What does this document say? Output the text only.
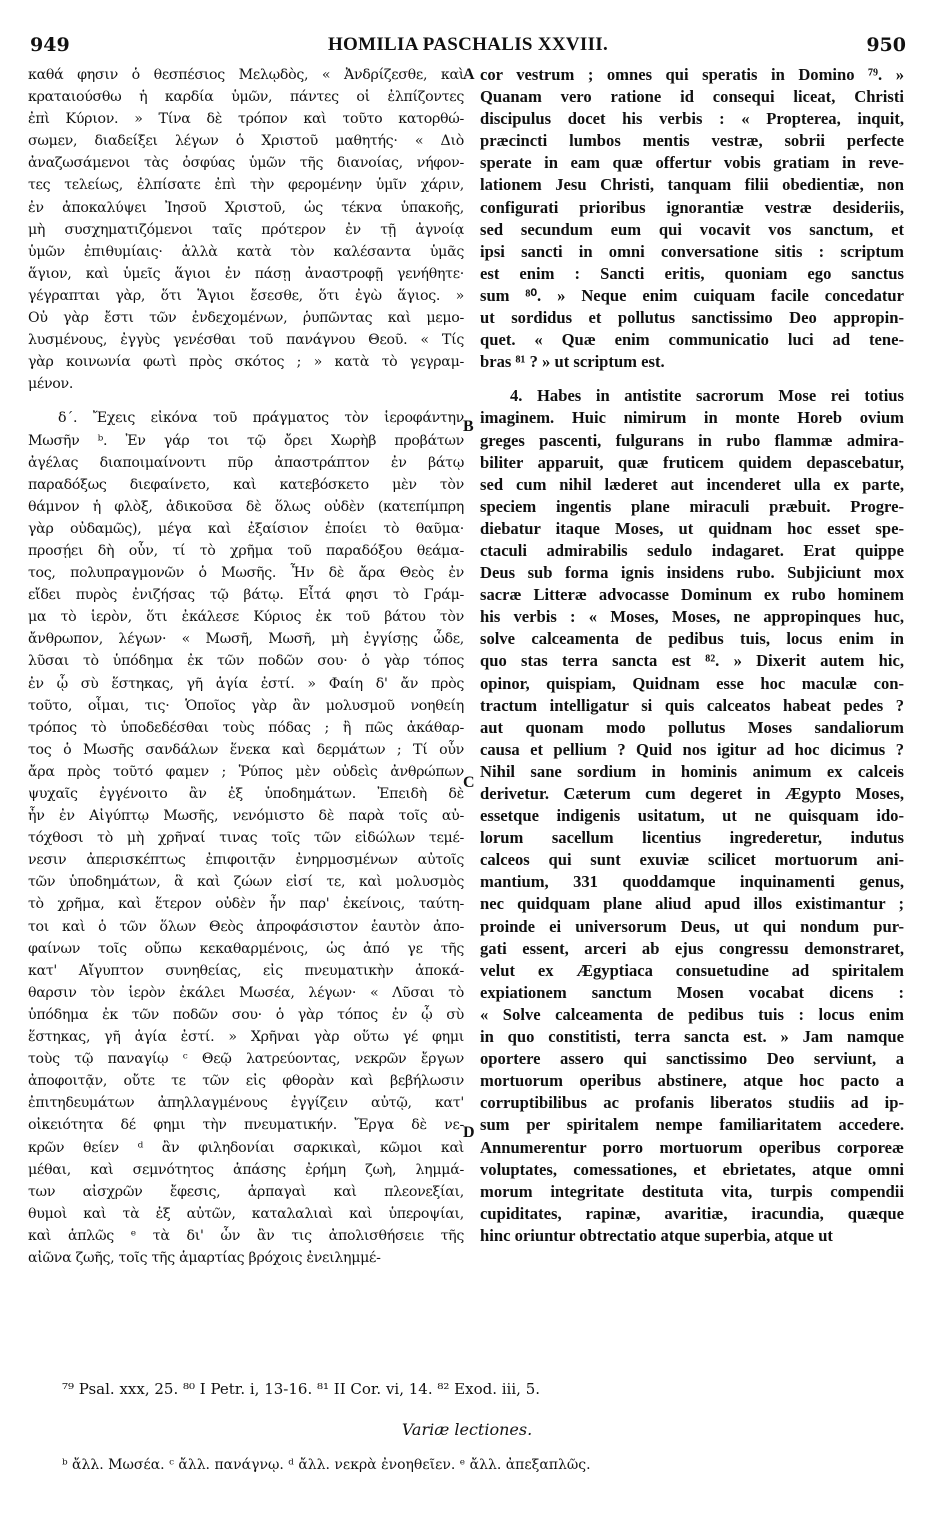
949	HOMILIA PASCHALIS XXVIII.	950
καθά φησιν ὁ θεσπέσιος Μελῳδὸς, « Ἀνδρίζεσθε, καὶ
κραταιούσθω ἡ καρδία ὑμῶν, πάντες οἱ ἐλπίζοντες
ἐπὶ Κύριον. » Τίνα δὲ τρόπον καὶ τοῦτο κατορθώ-
σωμεν, διαδείξει λέγων ὁ Χριστοῦ μαθητής· « Διὸ
ἀναζωσάμενοι τὰς ὀσφύας ὑμῶν τῆς διανοίας, νήφον-
τες τελείως, ἐλπίσατε ἐπὶ τὴν φερομένην ὑμῖν χάριν,
ἐν ἀποκαλύψει Ἰησοῦ Χριστοῦ, ὡς τέκνα ὑπακοῆς,
μὴ συσχηματιζόμενοι ταῖς πρότερον ἐν τῇ ἀγνοίᾳ
ὑμῶν ἐπιθυμίαις· ἀλλὰ κατὰ τὸν καλέσαντα ὑμᾶς
ἅγιον, καὶ ὑμεῖς ἅγιοι ἐν πάσῃ ἀναστροφῇ γενήθητε·
γέγραπται γὰρ, ὅτι Ἅγιοι ἔσεσθε, ὅτι ἐγὼ ἅγιος. »
Οὐ γὰρ ἔστι τῶν ἐνδεχομένων, ῥυπῶντας καὶ μεμο-
λυσμένους, ἐγγὺς γενέσθαι τοῦ πανάγνου Θεοῦ. « Τίς
γὰρ κοινωνία φωτὶ πρὸς σκότος ; » κατὰ τὸ γεγραμ-
μένον.
δ΄. Ἔχεις εἰκόνα τοῦ πράγματος τὸν ἱεροφάντην
Μωσῆν ᵇ. Ἐν γάρ τοι τῷ ὄρει Χωρὴβ προβάτων
ἀγέλας διαποιμαίνοντι πῦρ ἀπαστράπτον ἐν βάτῳ
παραδόξως διεφαίνετο, καὶ κατεβόσκετο μὲν τὸν
θάμνον ἡ φλὸξ, ἀδικοῦσα δὲ ὅλως οὐδὲν (κατεπίμπρη
γὰρ οὐδαμῶς), μέγα καὶ ἐξαίσιον ἐποίει τὸ θαῦμα·
προσῄει δὴ οὖν, τί τὸ χρῆμα τοῦ παραδόξου θεάμα-
τος, πολυπραγμονῶν ὁ Μωσῆς. Ἦν δὲ ἄρα Θεὸς ἐν
εἴδει πυρὸς ἐνιζήσας τῷ βάτῳ. Εἶτά φησι τὸ Γράμ-
μα τὸ ἱερὸν, ὅτι ἐκάλεσε Κύριος ἐκ τοῦ βάτου τὸν
ἄνθρωπον, λέγων· « Μωσῆ, Μωσῆ, μὴ ἐγγίσῃς ὧδε,
λῦσαι τὸ ὑπόδημα ἐκ τῶν ποδῶν σου· ὁ γὰρ τόπος
ἐν ᾧ σὺ ἕστηκας, γῆ ἁγία ἐστί. » Φαίη δ' ἄν πρὸς
τοῦτο, οἶμαι, τις· Ὁποῖος γὰρ ἂν μολυσμοῦ νοηθείη
τρόπος τὸ ὑποδεδέσθαι τοὺς πόδας ; ἢ πῶς ἀκάθαρ-
τος ὁ Μωσῆς σανδάλων ἕνεκα καὶ δερμάτων ; Τί οὖν
ἄρα πρὸς τοῦτό φαμεν ; Ῥύπος μὲν οὐδεὶς ἀνθρώπων
ψυχαῖς ἐγγένοιτο ἂν ἐξ ὑποδημάτων. Ἐπειδὴ δὲ
ἦν ἐν Αἰγύπτῳ Μωσῆς, νενόμιστο δὲ παρὰ τοῖς αὐ-
τόχθοσι τὸ μὴ χρῆναί τινας τοῖς τῶν εἰδώλων τεμέ-
νεσιν ἀπερισκέπτως ἐπιφοιτᾷν ἐνηρμοσμένων αὐτοῖς
τῶν ὑποδημάτων, ἃ καὶ ζώων εἰσί τε, καὶ μολυσμὸς
τὸ χρῆμα, καὶ ἕτερον οὐδὲν ἦν παρ' ἐκείνοις, ταύτη-
τοι καὶ ὁ τῶν ὅλων Θεὸς ἀπροφάσιστον ἑαυτὸν ἀπο-
φαίνων τοῖς οὔπω κεκαθαρμένοις, ὡς ἀπό γε τῆς
κατ' Αἴγυπτον συνηθείας, εἰς πνευματικὴν ἀποκά-
θαρσιν τὸν ἱερὸν ἐκάλει Μωσέα, λέγων· « Λῦσαι τὸ
ὑπόδημα ἐκ τῶν ποδῶν σου· ὁ γὰρ τόπος ἐν ᾧ σὺ
ἕστηκας, γῆ ἁγία ἐστί. » Χρῆναι γὰρ οὕτω γέ φημι
τοὺς τῷ παναγίῳ ᶜ Θεῷ λατρεύοντας, νεκρῶν ἔργων
ἀποφοιτᾷν, οὔτε τε τῶν εἰς φθορὰν καὶ βεβήλωσιν
ἐπιτηδευμάτων ἀπηλλαγμένους ἐγγίζειν αὐτῷ, κατ'
οἰκειότητα δέ φημι τὴν πνευματικήν. Ἔργα δὲ νε-
κρῶν θείεν ᵈ ἂν φιληδονίαι σαρκικαὶ, κῶμοι καὶ
μέθαι, καὶ σεμνότητος ἁπάσης ἐρήμη ζωὴ, λημμά-
των αἰσχρῶν ἔφεσις, ἁρπαγαὶ καὶ πλεονεξίαι,
θυμοὶ καὶ τὰ ἐξ αὐτῶν, καταλαλιαὶ καὶ ὑπεροψίαι,
καὶ ἁπλῶς ᵉ τὰ δι' ὧν ἂν τις ἀπολισθήσειε τῆς
αἰῶνα ζωῆς, τοῖς τῆς ἁμαρτίας βρόχοις ἐνειλημμέ-
cor vestrum ; omnes qui speratis in Domino ⁷⁹. »
Quanam vero ratione id consequi liceat, Christi
discipulus docet his verbis : « Propterea, inquit,
præcincti lumbos mentis vestræ, sobrii perfecte
sperate in eam quæ offertur vobis gratiam in reve-
lationem Jesu Christi, tanquam filii obedientiæ, non
configurati prioribus ignorantiæ vestræ desideriis,
sed secundum eum qui vocavit vos sanctum, et
ipsi sancti in omni conversatione sitis : scriptum
est enim : Sancti eritis, quoniam ego sanctus
sum ⁸⁰. » Neque enim cuiquam facile concedatur
ut sordidus et pollutus sanctissimo Deo appropin-
quet. « Quæ enim communicatio luci ad tene-
bras ⁸¹ ? » ut scriptum est.
4. Habes in antistite sacrorum Mose rei totius
imaginem. Huic nimirum in monte Horeb ovium
greges pascenti, fulgurans in rubo flammæ admira-
biliter apparuit, quæ fruticem quidem depascebatur,
sed cum nihil læderet aut incenderet ulla ex parte,
speciem ingentis plane miraculi præbuit. Progre-
diebatur itaque Moses, ut quidnam hoc esset spe-
ctaculi admirabilis sedulo indagaret. Erat quippe
Deus sub forma ignis insidens rubo. Subjiciunt mox
sacræ Litteræ advocasse Dominum ex rubo hominem
his verbis : « Moses, Moses, ne appropinques huc,
solve calceamenta de pedibus tuis, locus enim in
quo stas terra sancta est ⁸². » Dixerit autem hic,
opinor, quispiam, Quidnam esse hoc maculæ con-
tractum intelligatur si quis calceatos habeat pedes ?
aut quonam modo pollutus Moses sandaliorum
causa et pellium ? Quid nos igitur ad hoc dicimus ?
Nihil sane sordium in hominis animum ex calceis
derivetur. Cæterum cum degeret in Ægypto Moses,
essetque indigenis usitatum, ut ne quisquam ido-
lorum sacellum licentius ingrederetur, indutus
calceos qui sunt exuviæ scilicet mortuorum ani-
mantium, 331 quoddamque inquinamenti genus,
nec quidquam plane aliud apud illos existimantur ;
proinde ei universorum Deus, ut qui nondum pur-
gati essent, arceri ab ejus congressu demonstraret,
velut ex Ægyptiaca consuetudine ad spiritalem
expiationem sanctum Mosen vocabat dicens :
« Solve calceamenta de pedibus tuis : locus enim
in quo constitisti, terra sancta est. » Jam namque
oportere assero qui sanctissimo Deo serviunt, a
mortuorum operibus abstinere, atque hoc pacto a
corruptibilibus ac profanis liberatos studiis ad ip-
sum per spiritalem nempe familiaritatem accedere.
Annumerentur porro mortuorum operibus corporeæ
voluptates, comessationes, et ebrietates, atque omni
morum integritate destituta vita, turpis compendii
cupiditates, rapinæ, avaritiæ, iracundia, quæque
hinc oriuntur obtrectatio atque superbia, atque ut
A
B
C
D
⁷⁹ Psal. xxx, 25. ⁸⁰ I Petr. i, 13-16. ⁸¹ II Cor. vi, 14. ⁸² Exod. iii, 5.
Variæ lectiones.
ᵇ ἄλλ. Μωσέα. ᶜ ἄλλ. πανάγνῳ. ᵈ ἄλλ. νεκρὰ ἐνοηθεῖεν. ᵉ ἄλλ. ἀπεξαπλῶς.
